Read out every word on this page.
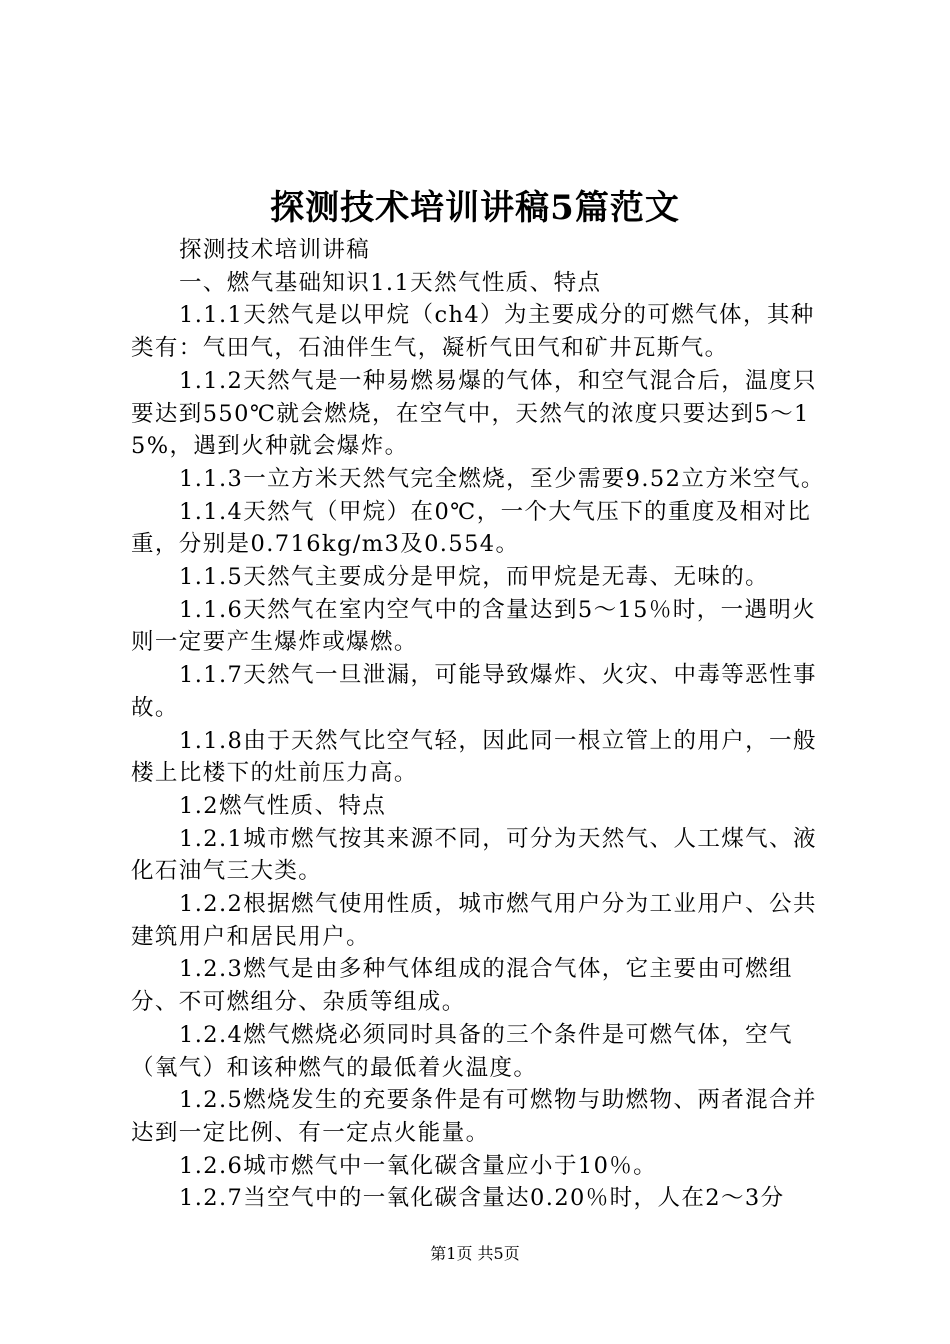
探测技术培训讲稿5篇范文

探测技术培训讲稿

一、燃气基础知识1.1天然气性质、特点

1.1.1天然气是以甲烷（ch4）为主要成分的可燃气体，其种类有：气田气，石油伴生气，凝析气田气和矿井瓦斯气。

1.1.2天然气是一种易燃易爆的气体，和空气混合后，温度只要达到550℃就会燃烧，在空气中，天然气的浓度只要达到5～15%，遇到火种就会爆炸。

1.1.3一立方米天然气完全燃烧，至少需要9.52立方米空气。

1.1.4天然气（甲烷）在0℃，一个大气压下的重度及相对比重，分别是0.716kg/m3及0.554。

1.1.5天然气主要成分是甲烷，而甲烷是无毒、无味的。

1.1.6天然气在室内空气中的含量达到5～15％时，一遇明火则一定要产生爆炸或爆燃。

1.1.7天然气一旦泄漏，可能导致爆炸、火灾、中毒等恶性事故。

1.1.8由于天然气比空气轻，因此同一根立管上的用户，一般楼上比楼下的灶前压力高。

1.2燃气性质、特点

1.2.1城市燃气按其来源不同，可分为天然气、人工煤气、液化石油气三大类。

1.2.2根据燃气使用性质，城市燃气用户分为工业用户、公共建筑用户和居民用户。

1.2.3燃气是由多种气体组成的混合气体，它主要由可燃组分、不可燃组分、杂质等组成。

1.2.4燃气燃烧必须同时具备的三个条件是可燃气体，空气（氧气）和该种燃气的最低着火温度。

1.2.5燃烧发生的充要条件是有可燃物与助燃物、两者混合并达到一定比例、有一定点火能量。

1.2.6城市燃气中一氧化碳含量应小于10％。

1.2.7当空气中的一氧化碳含量达0.20％时，人在2～3分

第1页 共5页
